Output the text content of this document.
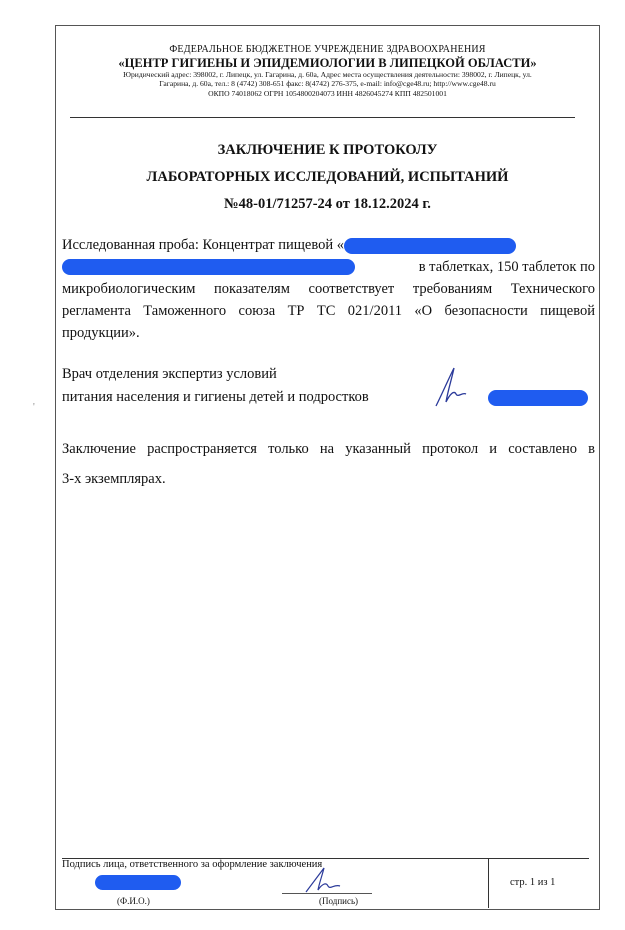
'
ФЕДЕРАЛЬНОЕ БЮДЖЕТНОЕ УЧРЕЖДЕНИЕ ЗДРАВООХРАНЕНИЯ
«ЦЕНТР ГИГИЕНЫ И ЭПИДЕМИОЛОГИИ В ЛИПЕЦКОЙ ОБЛАСТИ»
Юридический адрес: 398002, г. Липецк, ул. Гагарина, д. 60а, Адрес места осуществления деятельности: 398002, г. Липецк, ул.
Гагарина, д. 60а, тел.: 8 (4742) 308-651 факс: 8(4742) 276-375, e-mail: info@cge48.ru; http://www.cge48.ru
ОКПО 74018062 ОГРН 1054800204073 ИНН 4826045274 КПП 482501001
ЗАКЛЮЧЕНИЕ К ПРОТОКОЛУ
ЛАБОРАТОРНЫХ ИССЛЕДОВАНИЙ, ИСПЫТАНИЙ
№48-01/71257-24 от 18.12.2024 г.
Исследованная проба: Концентрат пищевой «
в таблетках, 150 таблеток по
микробиологическим показателям соответствует требованиям Технического
регламента Таможенного союза ТР ТС 021/2011 «О безопасности пищевой
продукции».
Врач отделения экспертиз условий
питания населения и гигиены детей и подростков
Заключение распространяется только на указанный протокол и составлено в
3-х экземплярах.
Подпись лица, ответственного за оформление заключения
(Ф.И.О.)	(Подпись)
стр. 1 из 1
